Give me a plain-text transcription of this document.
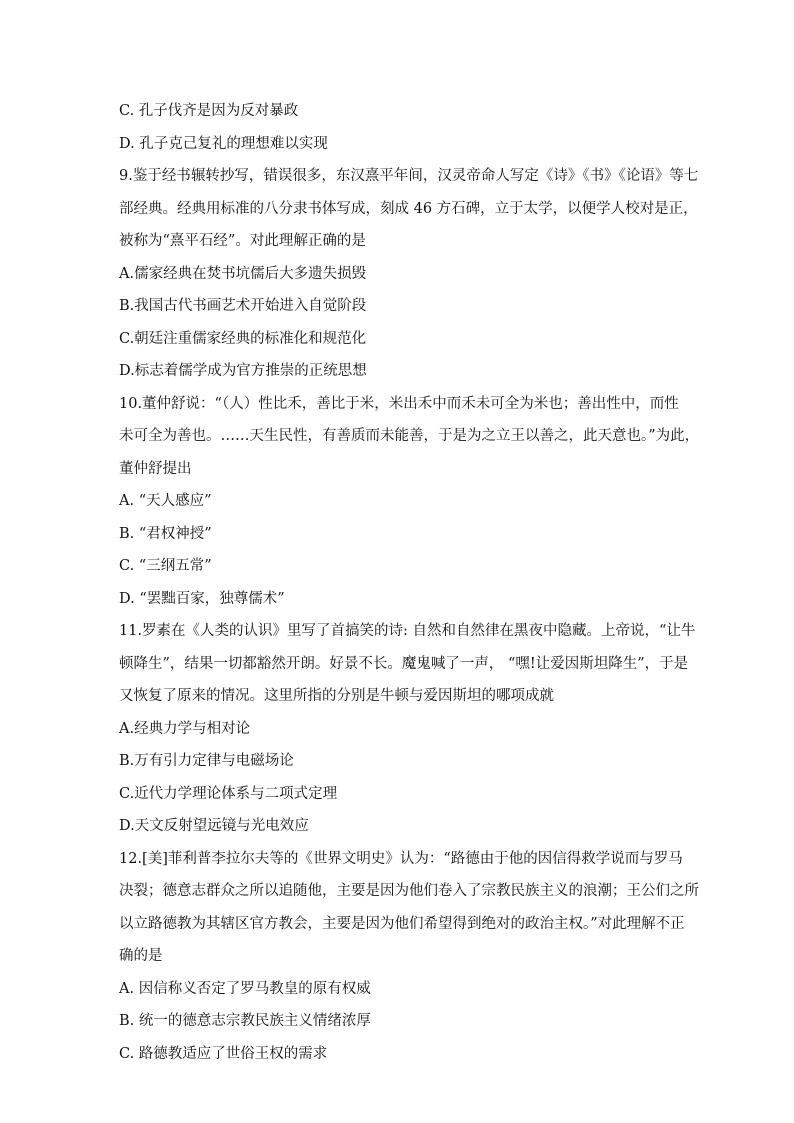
C. 孔子伐齐是因为反对暴政
D. 孔子克己复礼的理想难以实现
9.鉴于经书辗转抄写，错误很多，东汉熹平年间，汉灵帝命人写定《诗》《书》《论语》等七
部经典。经典用标准的八分隶书体写成，刻成 46 方石碑，立于太学，以便学人校对是正，
被称为“熹平石经”。对此理解正确的是
A.儒家经典在焚书坑儒后大多遗失损毁
B.我国古代书画艺术开始进入自觉阶段
C.朝廷注重儒家经典的标准化和规范化
D.标志着儒学成为官方推崇的正统思想
10.董仲舒说：“（人）性比禾，善比于米，米出禾中而禾未可全为米也；善出性中，而性
未可全为善也。……天生民性，有善质而未能善，于是为之立王以善之，此天意也。”为此，
董仲舒提出
A. “天人感应”
B. “君权神授”
C. “三纲五常”
D. “罢黜百家，独尊儒术”
11.罗素在《人类的认识》里写了首搞笑的诗: 自然和自然律在黑夜中隐藏。上帝说，“让牛
顿降生”，结果一切都豁然开朗。好景不长。魔鬼喊了一声， “嘿!让爱因斯坦降生”，于是
又恢复了原来的情况。这里所指的分别是牛顿与爱因斯坦的哪项成就
A.经典力学与相对论
B.万有引力定律与电磁场论
C.近代力学理论体系与二项式定理
D.天文反射望远镜与光电效应
12.[美]菲利普李拉尔夫等的《世界文明史》认为：“路德由于他的因信得救学说而与罗马
决裂；德意志群众之所以追随他，主要是因为他们卷入了宗教民族主义的浪潮；王公们之所
以立路德教为其辖区官方教会，主要是因为他们希望得到绝对的政治主权。”对此理解不正
确的是
A. 因信称义否定了罗马教皇的原有权威
B. 统一的德意志宗教民族主义情绪浓厚
C. 路德教适应了世俗王权的需求
